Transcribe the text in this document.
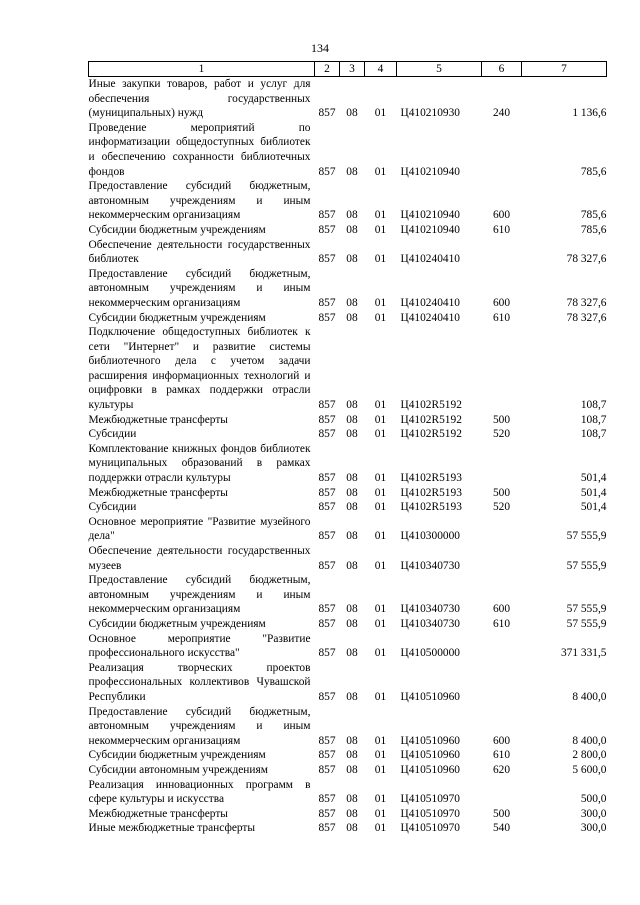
134
1	2	3	4	5	6	7
Иные закупки товаров, работ и услуг для обеспечения государственных (муниципальных) нужд	857	08	01	Ц410210930	240	1 136,6
Проведение мероприятий по информатизации общедоступных библиотек и обеспечению сохранности библиотечных фондов	857	08	01	Ц410210940		785,6
Предоставление субсидий бюджетным, автономным учреждениям и иным некоммерческим организациям	857	08	01	Ц410210940	600	785,6
Субсидии бюджетным учреждениям	857	08	01	Ц410210940	610	785,6
Обеспечение деятельности государственных библиотек	857	08	01	Ц410240410		78 327,6
Предоставление субсидий бюджетным, автономным учреждениям и иным некоммерческим организациям	857	08	01	Ц410240410	600	78 327,6
Субсидии бюджетным учреждениям	857	08	01	Ц410240410	610	78 327,6
Подключение общедоступных библиотек к сети "Интернет" и развитие системы библиотечного дела с учетом задачи расширения информационных технологий и оцифровки в рамках поддержки отрасли культуры	857	08	01	Ц4102R5192		108,7
Межбюджетные трансферты	857	08	01	Ц4102R5192	500	108,7
Субсидии	857	08	01	Ц4102R5192	520	108,7
Комплектование книжных фондов библиотек муниципальных образований в рамках поддержки отрасли культуры	857	08	01	Ц4102R5193		501,4
Межбюджетные трансферты	857	08	01	Ц4102R5193	500	501,4
Субсидии	857	08	01	Ц4102R5193	520	501,4
Основное мероприятие "Развитие музейного дела"	857	08	01	Ц410300000		57 555,9
Обеспечение деятельности государственных музеев	857	08	01	Ц410340730		57 555,9
Предоставление субсидий бюджетным, автономным учреждениям и иным некоммерческим организациям	857	08	01	Ц410340730	600	57 555,9
Субсидии бюджетным учреждениям	857	08	01	Ц410340730	610	57 555,9
Основное мероприятие "Развитие профессионального искусства"	857	08	01	Ц410500000		371 331,5
Реализация творческих проектов профессиональных коллективов Чувашской Республики	857	08	01	Ц410510960		8 400,0
Предоставление субсидий бюджетным, автономным учреждениям и иным некоммерческим организациям	857	08	01	Ц410510960	600	8 400,0
Субсидии бюджетным учреждениям	857	08	01	Ц410510960	610	2 800,0
Субсидии автономным учреждениям	857	08	01	Ц410510960	620	5 600,0
Реализация инновационных программ в сфере культуры и искусства	857	08	01	Ц410510970		500,0
Межбюджетные трансферты	857	08	01	Ц410510970	500	300,0
Иные межбюджетные трансферты	857	08	01	Ц410510970	540	300,0
